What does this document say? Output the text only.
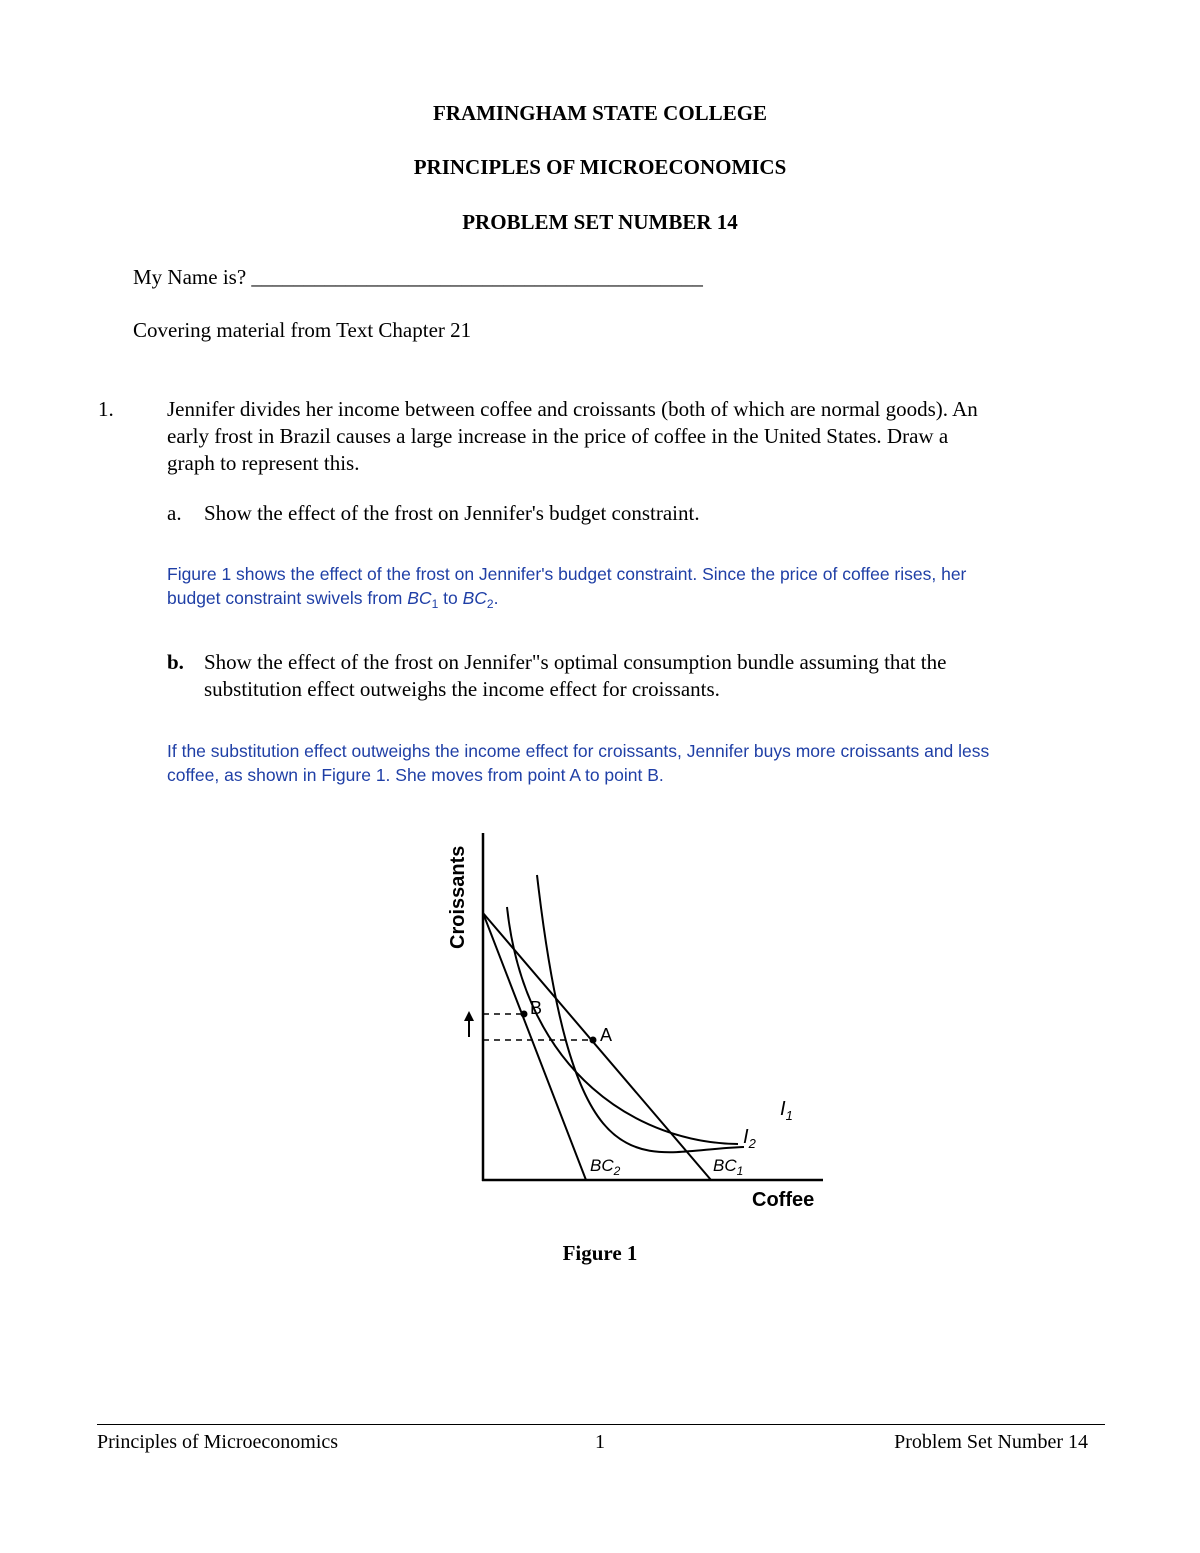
FRAMINGHAM STATE COLLEGE
PRINCIPLES OF MICROECONOMICS
PROBLEM SET NUMBER 14
My Name is? ___________________________________________
Covering material from Text Chapter 21
1.	Jennifer divides her income between coffee and croissants (both of which are normal goods). An
early frost in Brazil causes a large increase in the price of coffee in the United States. Draw a
graph to represent this.
a. Show the effect of the frost on Jennifer's budget constraint.
Figure 1 shows the effect of the frost on Jennifer's budget constraint. Since the price of coffee rises, her
budget constraint swivels from $BC_1$ to $BC_2$.
b. Show the effect of the frost on Jennifer"s optimal consumption bundle assuming that the
substitution effect outweighs the income effect for croissants.
If the substitution effect outweighs the income effect for croissants, Jennifer buys more croissants and less
coffee, as shown in Figure 1. She moves from point A to point B.
B
A
$I_1$
$I_2$
$BC_2$	$BC_1$
Croissants
Coffee
Figure 1
Principles of Microeconomics	1	Problem Set Number 14
